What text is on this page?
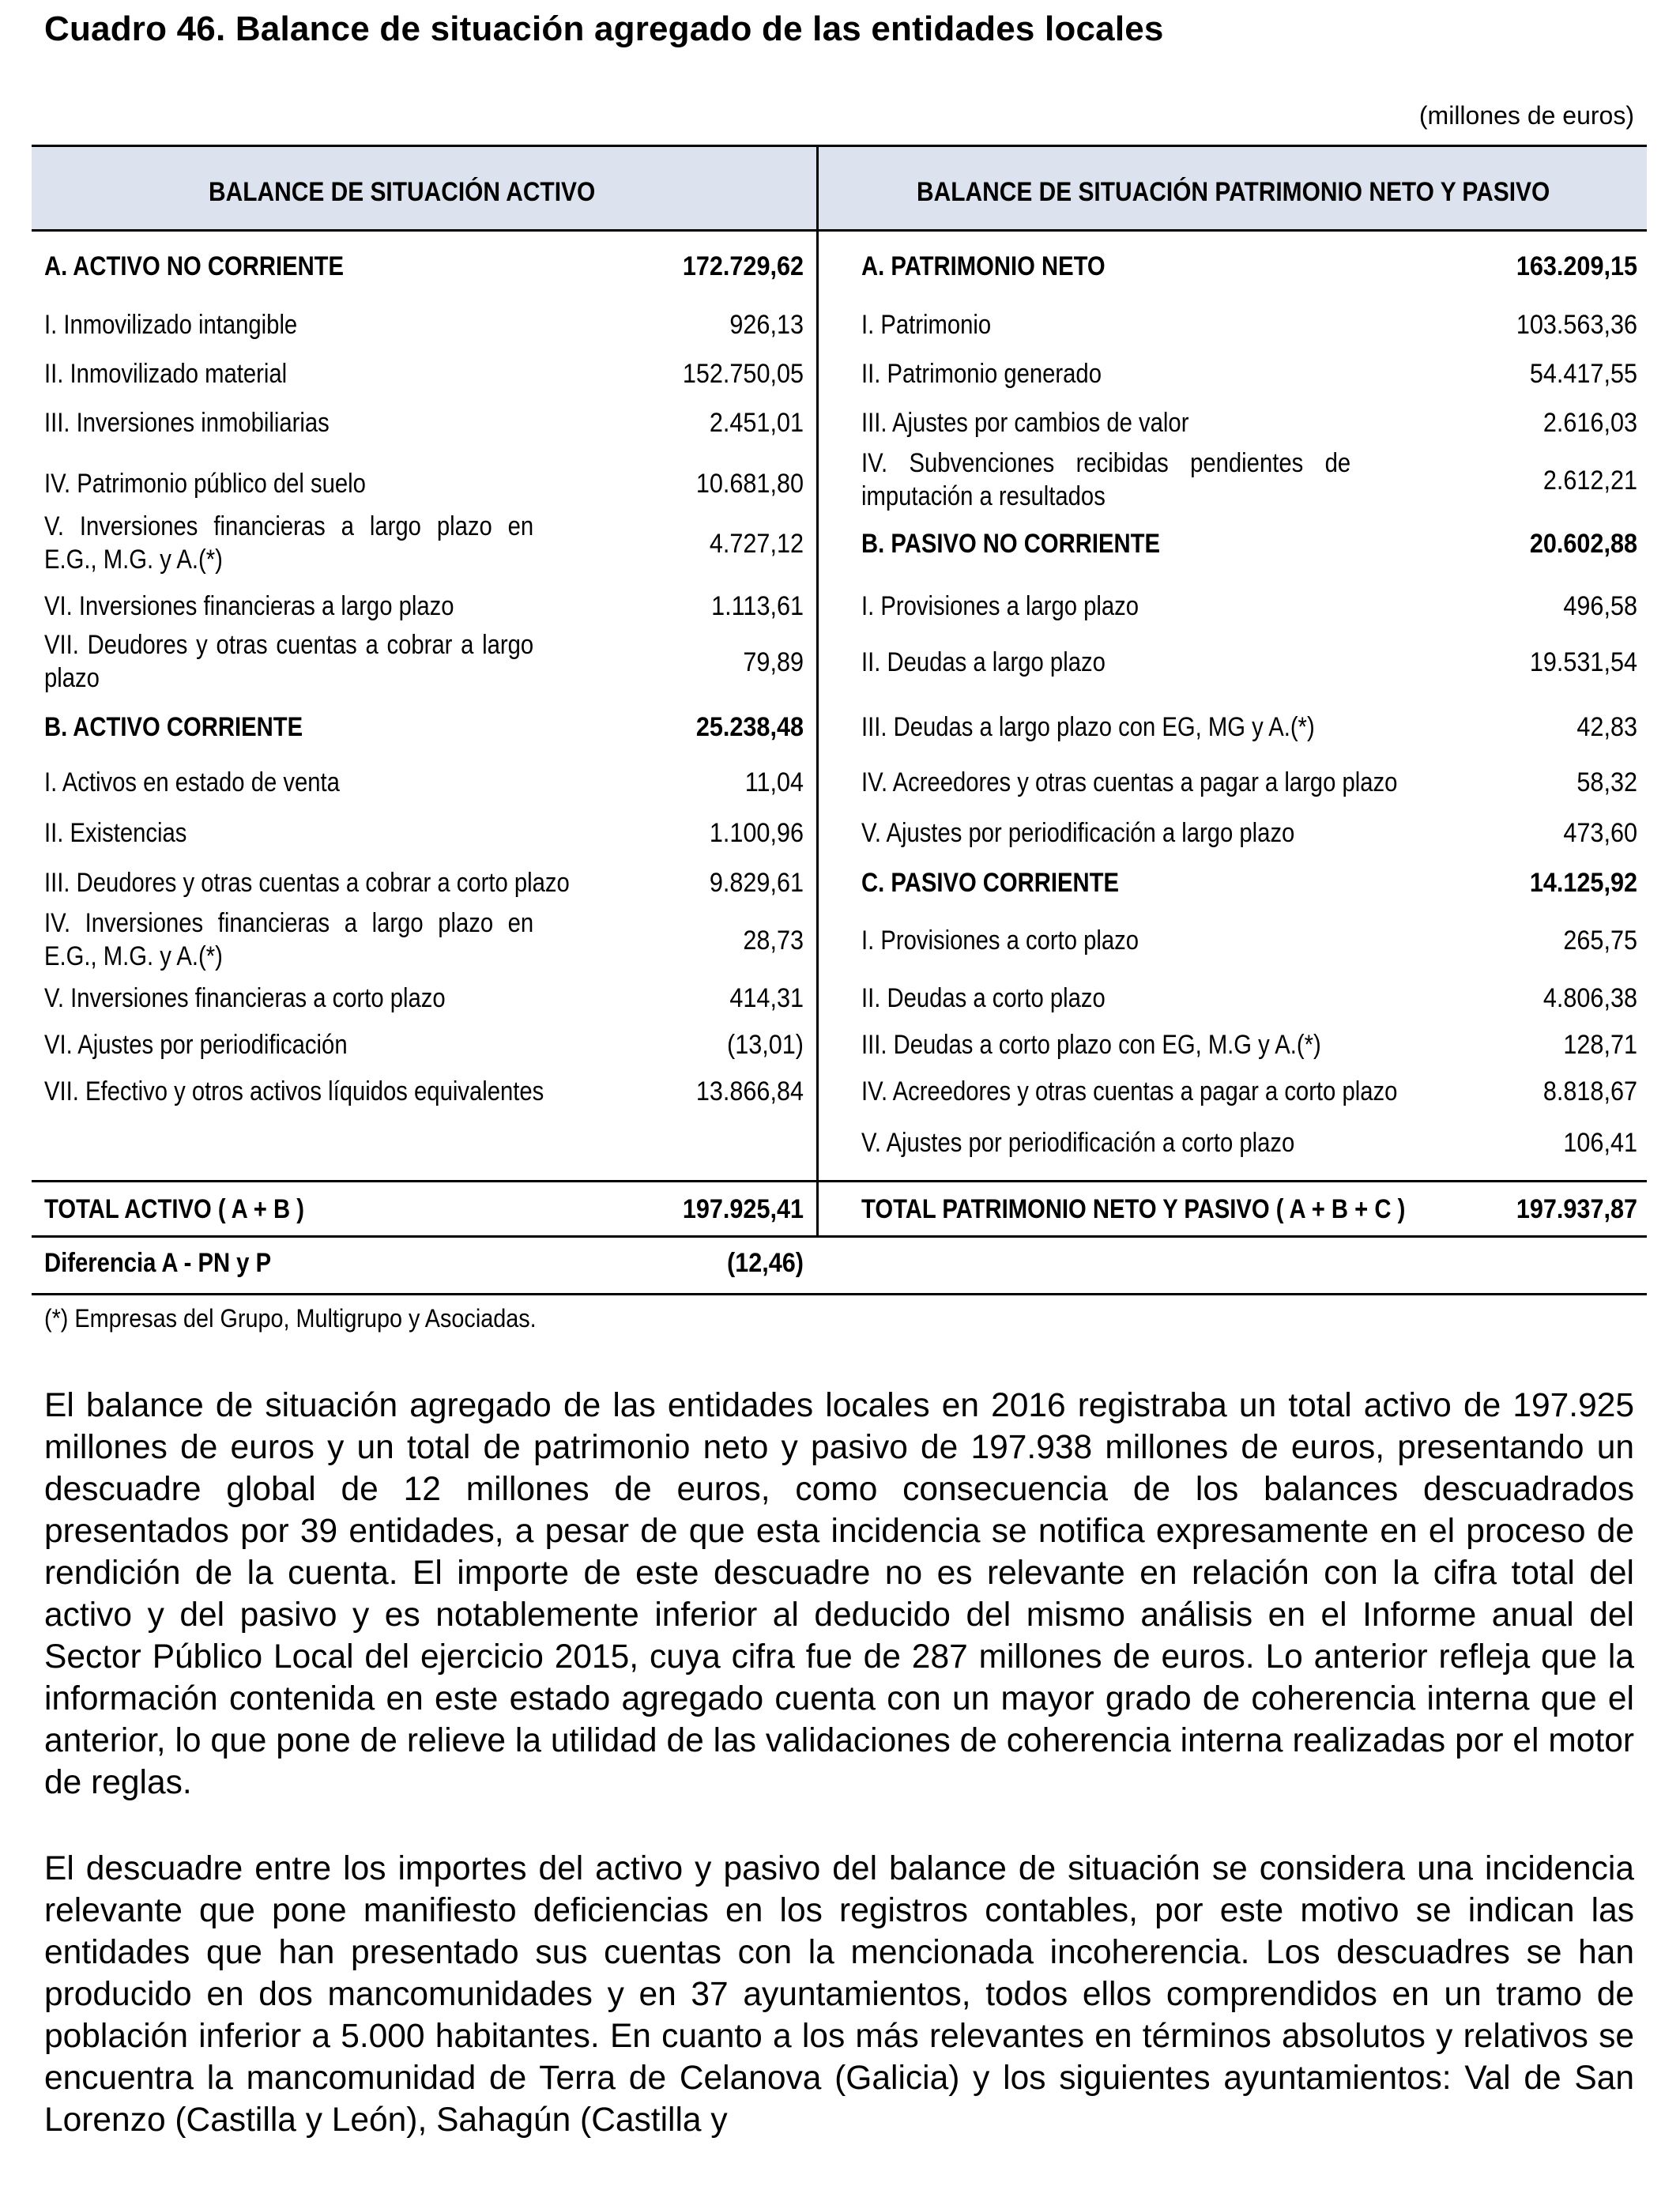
Cuadro 46. Balance de situación agregado de las entidades locales
(millones de euros)
BALANCE DE SITUACIÓN ACTIVO	BALANCE DE SITUACIÓN PATRIMONIO NETO Y PASIVO
A. ACTIVO NO CORRIENTE	172.729,62
I. Inmovilizado intangible	926,13
II. Inmovilizado material	152.750,05
III. Inversiones inmobiliarias	2.451,01
IV. Patrimonio público del suelo	10.681,80
V. Inversiones financieras a largo plazo en E.G., M.G. y A.(*)
4.727,12
VI. Inversiones financieras a largo plazo	1.113,61
VII. Deudores y otras cuentas a cobrar a largo plazo
79,89
B. ACTIVO CORRIENTE	25.238,48
I. Activos en estado de venta	11,04
II. Existencias	1.100,96
III. Deudores y otras cuentas a cobrar a corto plazo	9.829,61
IV. Inversiones financieras a largo plazo en E.G., M.G. y A.(*)
28,73
V. Inversiones financieras a corto plazo	414,31
VI. Ajustes por periodificación	(13,01)
VII. Efectivo y otros activos líquidos equivalentes	13.866,84
A. PATRIMONIO NETO	163.209,15
I. Patrimonio	103.563,36
II. Patrimonio generado	54.417,55
III. Ajustes por cambios de valor	2.616,03
IV. Subvenciones recibidas pendientes de imputación a resultados
2.612,21
B. PASIVO NO CORRIENTE	20.602,88
I. Provisiones a largo plazo	496,58
II. Deudas a largo plazo	19.531,54
III. Deudas a largo plazo con EG, MG y A.(*)	42,83
IV. Acreedores y otras cuentas a pagar a largo plazo	58,32
V. Ajustes por periodificación a largo plazo	473,60
C. PASIVO CORRIENTE	14.125,92
I. Provisiones a corto plazo	265,75
II. Deudas a corto plazo	4.806,38
III. Deudas a corto plazo con EG, M.G y A.(*)	128,71
IV. Acreedores y otras cuentas a pagar a corto plazo	8.818,67
V. Ajustes por periodificación a corto plazo	106,41
TOTAL ACTIVO ( A + B )	197.925,41 TOTAL PATRIMONIO NETO Y PASIVO ( A + B + C )	197.937,87
Diferencia A - PN y P	(12,46)
(*) Empresas del Grupo, Multigrupo y Asociadas.
El balance de situación agregado de las entidades locales en 2016 registraba un total activo de 197.925 millones de euros y un total de patrimonio neto y pasivo de 197.938 millones de euros, presentando un descuadre global de 12 millones de euros, como consecuencia de los balances descuadrados presentados por 39 entidades, a pesar de que esta incidencia se notifica expresamente en el proceso de rendición de la cuenta. El importe de este descuadre no es relevante en relación con la cifra total del activo y del pasivo y es notablemente inferior al deducido del mismo análisis en el Informe anual del Sector Público Local del ejercicio 2015, cuya cifra fue de 287 millones de euros. Lo anterior refleja que la información contenida en este estado agregado cuenta con un mayor grado de coherencia interna que el anterior, lo que pone de relieve la utilidad de las validaciones de coherencia interna realizadas por el motor de reglas.
El descuadre entre los importes del activo y pasivo del balance de situación se considera una incidencia relevante que pone manifiesto deficiencias en los registros contables, por este motivo se indican las entidades que han presentado sus cuentas con la mencionada incoherencia. Los descuadres se han producido en dos mancomunidades y en 37 ayuntamientos, todos ellos comprendidos en un tramo de población inferior a 5.000 habitantes. En cuanto a los más relevantes en términos absolutos y relativos se encuentra la mancomunidad de Terra de Celanova (Galicia) y los siguientes ayuntamientos: Val de San Lorenzo (Castilla y León), Sahagún (Castilla y
